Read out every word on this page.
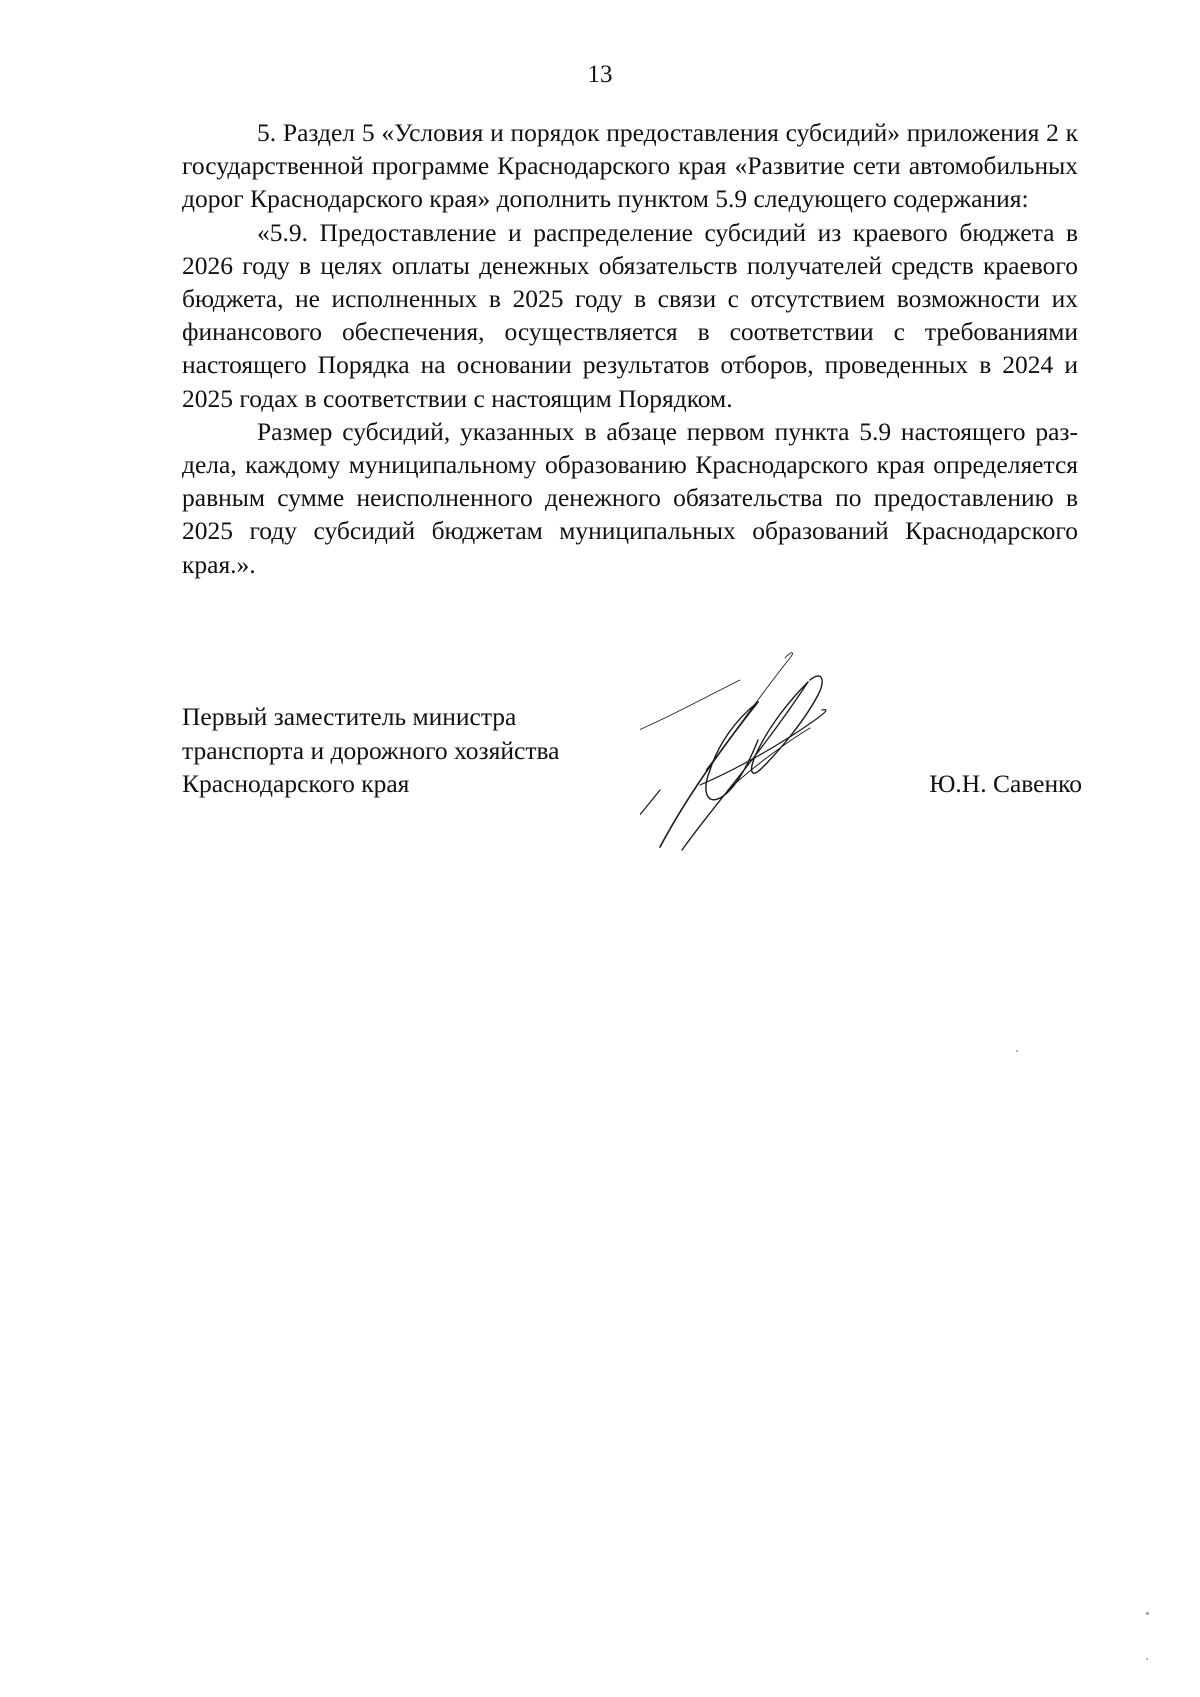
13

5. Раздел 5 «Условия и порядок предоставления субсидий» приложения 2 к государственной программе Краснодарского края «Развитие сети автомобильных дорог Краснодарского края» дополнить пунктом 5.9 следующего содержания:

«5.9. Предоставление и распределение субсидий из краевого бюджета в 2026 году в целях оплаты денежных обязательств получателей средств краевого бюджета, не исполненных в 2025 году в связи с отсутствием возможности их финансового обеспечения, осуществляется в соответствии с требованиями настоящего Порядка на основании результатов отборов, проведенных в 2024 и 2025 годах в соответствии с настоящим Порядком.

Размер субсидий, указанных в абзаце первом пункта 5.9 настоящего раздела, каждому муниципальному образованию Краснодарского края определяется равным сумме неисполненного денежного обязательства по предоставлению в 2025 году субсидий бюджетам муниципальных образований Краснодарского края.».

Первый заместитель министра
транспорта и дорожного хозяйства
Краснодарского края	Ю.Н. Савенко
